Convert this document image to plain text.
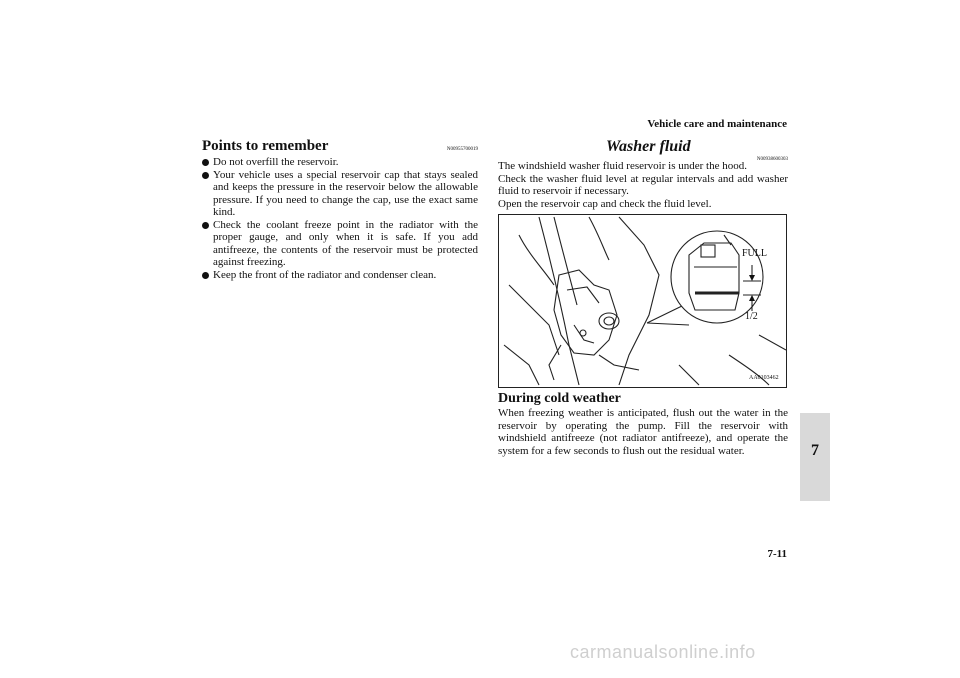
Vehicle care and maintenance
Points to remember	N00955700019
Do not overfill the reservoir.
Your vehicle uses a special reservoir cap that stays sealed and keeps the pressure in the reservoir below the allowable pressure. If you need to change the cap, use the exact same kind.
Check the coolant freeze point in the radiator with the proper gauge, and only when it is safe. If you add antifreeze, the contents of the reservoir must be protected against freezing.
Keep the front of the radiator and condenser clean.
Washer fluid
N00938600303

The windshield washer fluid reservoir is under the hood.

Check the washer fluid level at regular intervals and add washer fluid to reservoir if necessary.

Open the reservoir cap and check the fluid level.

FULL
1/2
AA0103462
During cold weather

When freezing weather is anticipated, flush out the water in the reservoir by operating the pump. Fill the reservoir with windshield antifreeze (not radiator antifreeze), and operate the system for a few seconds to flush out the residual water.	7
7-11
carmanualsonline.info
